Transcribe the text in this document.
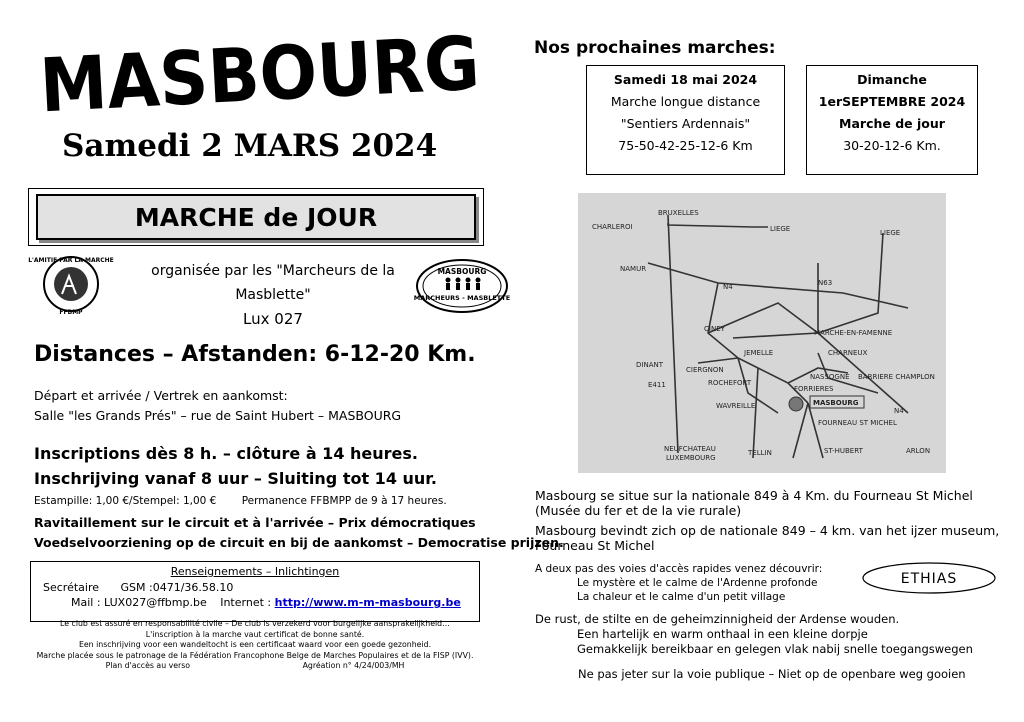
MASBOURG
Samedi 2 MARS 2024
MARCHE de JOUR
L'AMITIE PAR LA MARCHE
FFBMP
organisée par les "Marcheurs de la Masblette"
Lux 027
MASBOURG
MARCHEURS - MASBLETTE
Distances – Afstanden: 6-12-20 Km.
Départ et arrivée / Vertrek en aankomst:
Salle "les Grands Prés" – rue de Saint Hubert – MASBOURG
Inscriptions dès 8 h. – clôture à 14 heures.
Inschrijving vanaf 8 uur – Sluiting tot 14 uur.
Estampille: 1,00 €/Stempel: 1,00 € Permanence FFBMPP de 9 à 17 heures.
Ravitaillement sur le circuit et à l'arrivée – Prix démocratiques
Voedselvoorziening op de circuit en bij de aankomst – Democratise prijzen.
Renseignements – Inlichtingen
Secrétaire GSM :0471/36.58.10
Mail : LUX027@ffbmp.be Internet : http://www.m-m-masbourg.be
Le club est assuré en responsabilité civile – De club is verzekerd voor burgelijke aansprakelijkheid…
L'inscription à la marche vaut certificat de bonne santé.
Een inschrijving voor een wandeltocht is een certificaat waard voor een goede gezonheid.
Marche placée sous le patronage de la Fédération Francophone Belge de Marches Populaires et de la FISP (IVV).
Plan d'accès au verso	Agréation n° 4/24/003/MH
Nos prochaines marches:
Samedi 18 mai 2024
Marche longue distance
"Sentiers Ardennais"
75-50-42-25-12-6 Km
Dimanche
1erSEPTEMBRE 2024
Marche de jour
30-20-12-6 Km.
BRUXELLES
CHARLEROI	LIEGE	LIEGE
NAMUR
N4	N63
CINEY	MARCHE-EN-FAMENNE
JEMELLE	CHARNEUX
DINANT
CIERGNON
NASSOGNE BARRIERE CHAMPLON
E411	ROCHEFORT
FORRIERES
WAVREILLE	MASBOURG
N4
FOURNEAU ST MICHEL
NEUFCHATEAU
LUXEMBOURG
TELLIN	ST-HUBERT	ARLON
Masbourg se situe sur la nationale 849 à 4 Km. du Fourneau St Michel
(Musée du fer et de la vie rurale)
Masbourg bevindt zich op de nationale 849 – 4 km. van het ijzer museum,
Fourneau St Michel
A deux pas des voies d'accès rapides venez découvrir:
Le mystère et le calme de l'Ardenne profonde
La chaleur et le calme d'un petit village
ETHIAS
De rust, de stilte en de geheimzinnigheid der Ardense wouden.
Een hartelijk en warm onthaal in een kleine dorpje
Gemakkelijk bereikbaar en gelegen vlak nabij snelle toegangswegen
Ne pas jeter sur la voie publique – Niet op de openbare weg gooien
